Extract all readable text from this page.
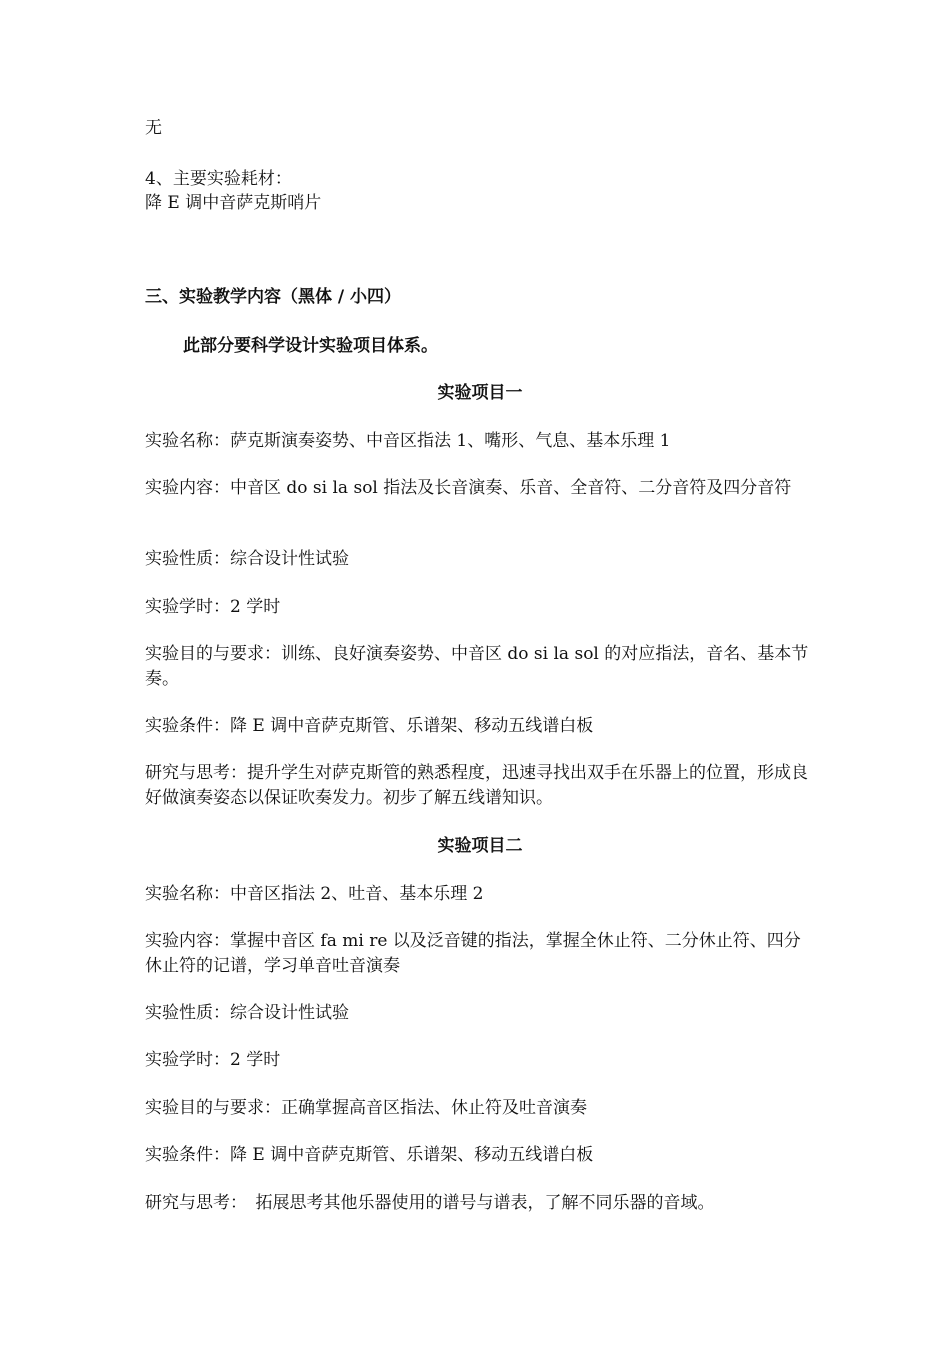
无
4、主要实验耗材：
降 E 调中音萨克斯哨片
三、实验教学内容（黑体 / 小四）
此部分要科学设计实验项目体系。
实验项目一
实验名称：萨克斯演奏姿势、中音区指法 1、嘴形、气息、基本乐理 1
实验内容：中音区 do si la sol 指法及长音演奏、乐音、全音符、二分音符及四分音符
实验性质：综合设计性试验
实验学时：2 学时
实验目的与要求：训练、良好演奏姿势、中音区 do si la sol 的对应指法，音名、基本节奏。
实验条件：降 E 调中音萨克斯管、乐谱架、移动五线谱白板
研究与思考：提升学生对萨克斯管的熟悉程度，迅速寻找出双手在乐器上的位置，形成良好做演奏姿态以保证吹奏发力。初步了解五线谱知识。
实验项目二
实验名称：中音区指法 2、吐音、基本乐理 2
实验内容：掌握中音区 fa mi re 以及泛音键的指法，掌握全休止符、二分休止符、四分休止符的记谱，学习单音吐音演奏
实验性质：综合设计性试验
实验学时：2 学时
实验目的与要求：正确掌握高音区指法、休止符及吐音演奏
实验条件：降 E 调中音萨克斯管、乐谱架、移动五线谱白板
研究与思考：　拓展思考其他乐器使用的谱号与谱表，了解不同乐器的音域。
